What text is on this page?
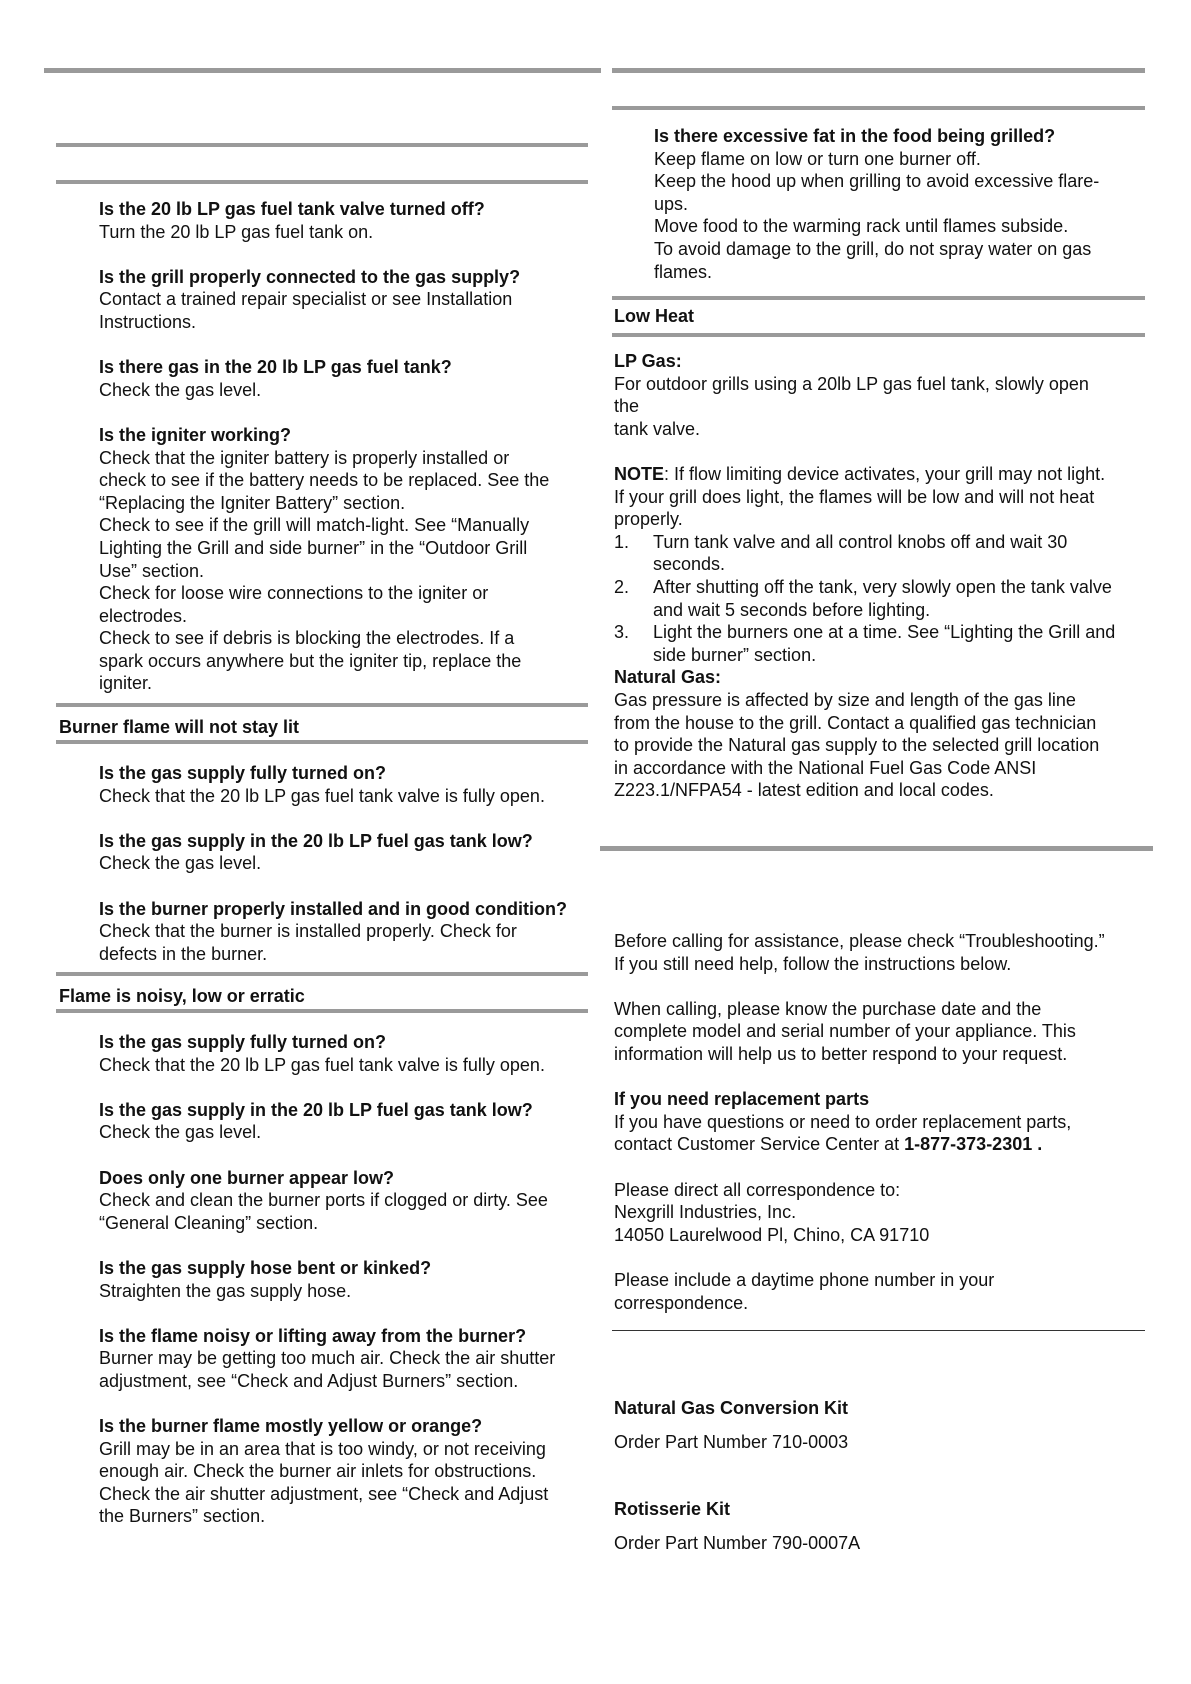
Is the 20 lb LP gas fuel tank valve turned off?
Turn the 20 lb LP gas fuel tank on.
Is the grill properly connected to the gas supply?
Contact a trained repair specialist or see Installation
Instructions.
Is there gas in the 20 lb LP gas fuel tank?
Check the gas level.
Is the igniter working?
Check that the igniter battery is properly installed or
check to see if the battery needs to be replaced. See the
“Replacing the Igniter Battery” section.
Check to see if the grill will match-light. See “Manually
Lighting the Grill and side burner” in the “Outdoor Grill
Use” section.
Check for loose wire connections to the igniter or
electrodes.
Check to see if debris is blocking the electrodes. If a
spark occurs anywhere but the igniter tip, replace the
igniter.
Burner flame will not stay lit
Is the gas supply fully turned on?
Check that the 20 lb LP gas fuel tank valve is fully open.
Is the gas supply in the 20 lb LP fuel gas tank low?
Check the gas level.
Is the burner properly installed and in good condition?
Check that the burner is installed properly. Check for
defects in the burner.
Flame is noisy, low or erratic
Is the gas supply fully turned on?
Check that the 20 lb LP gas fuel tank valve is fully open.
Is the gas supply in the 20 lb LP fuel gas tank low?
Check the gas level.
Does only one burner appear low?
Check and clean the burner ports if clogged or dirty. See
“General Cleaning” section.
Is the gas supply hose bent or kinked?
Straighten the gas supply hose.
Is the flame noisy or lifting away from the burner?
Burner may be getting too much air. Check the air shutter
adjustment, see “Check and Adjust Burners” section.
Is the burner flame mostly yellow or orange?
Grill may be in an area that is too windy, or not receiving
enough air. Check the burner air inlets for obstructions.
Check the air shutter adjustment, see “Check and Adjust
the Burners” section.
Is there excessive fat in the food being grilled?
Keep flame on low or turn one burner off.
Keep the hood up when grilling to avoid excessive flare-
ups.
Move food to the warming rack until flames subside.
To avoid damage to the grill, do not spray water on gas
flames.
Low Heat

LP Gas:

For outdoor grills using a 20lb LP gas fuel tank, slowly open

the

tank valve.

NOTE: If flow limiting device activates, your grill may not light.

If your grill does light, the flames will be low and will not heat

properly.

1. Turn tank valve and all control knobs off and wait 30
seconds.
2. After shutting off the tank, very slowly open the tank valve
and wait 5 seconds before lighting.
3. Light the burners one at a time. See “Lighting the Grill and
side burner” section.

Natural Gas:

Gas pressure is affected by size and length of the gas line

from the house to the grill. Contact a qualified gas technician

to provide the Natural gas supply to the selected grill location

in accordance with the National Fuel Gas Code ANSI

Z223.1/NFPA54 - latest edition and local codes.

Before calling for assistance, please check “Troubleshooting.”

If you still need help, follow the instructions below.

When calling, please know the purchase date and the

complete model and serial number of your appliance. This

information will help us to better respond to your request.

If you need replacement parts

If you have questions or need to order replacement parts,

contact Customer Service Center at 1-877-373-2301 .

Please direct all correspondence to:

Nexgrill Industries, Inc.

14050 Laurelwood Pl, Chino, CA 91710

Please include a daytime phone number in your

correspondence.

Natural Gas Conversion Kit
Order Part Number 710-0003
Rotisserie Kit
Order Part Number 790-0007A
